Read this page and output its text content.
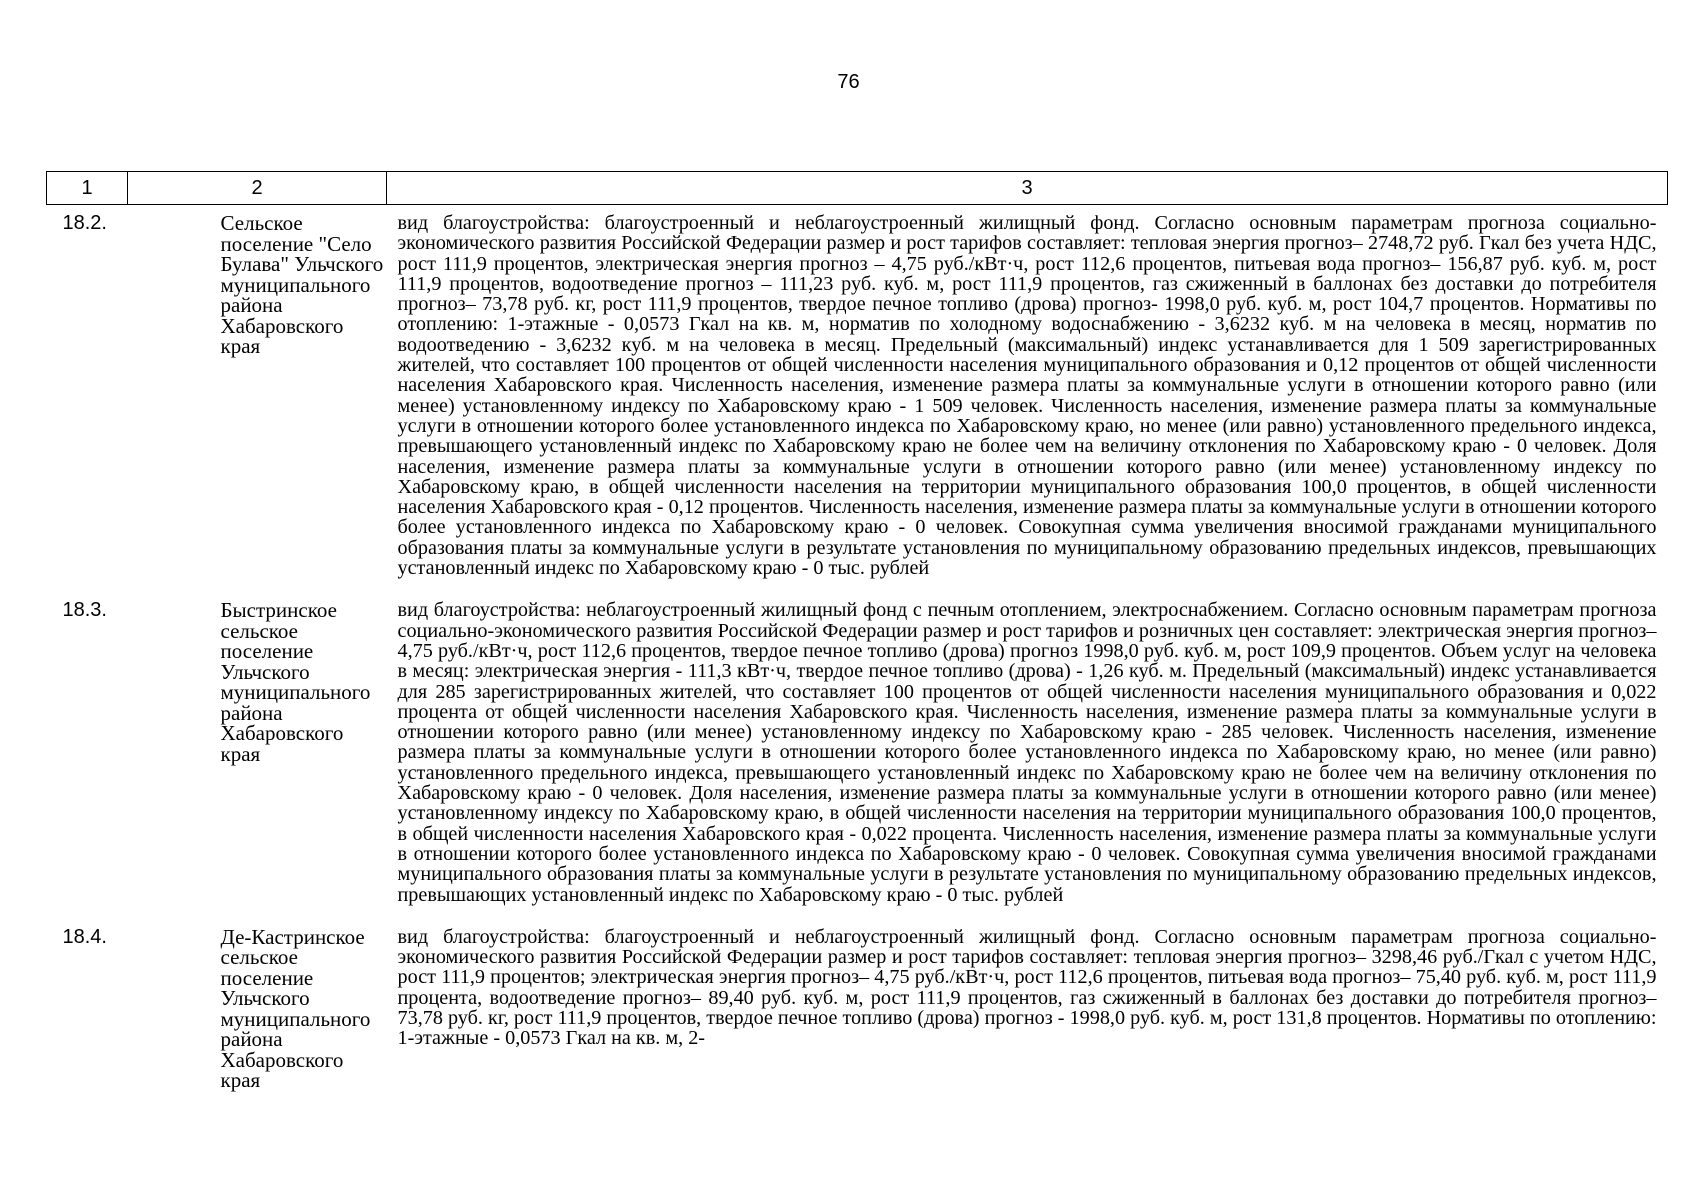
76
1	2	3
18.2.	Сельское поселение "Село Булава" Ульчского муниципального района Хабаровского края	вид благоустройства: благоустроенный и неблагоустроенный жилищный фонд. Согласно основным параметрам прогноза социально-экономического развития Российской Федерации размер и рост тарифов составляет: тепловая энергия прогноз– 2748,72 руб. Гкал без учета НДС, рост 111,9 процентов, электрическая энергия прогноз – 4,75 руб./кВт·ч, рост 112,6 процентов, питьевая вода прогноз– 156,87 руб. куб. м, рост 111,9 процентов, водоотведение прогноз – 111,23 руб. куб. м, рост 111,9 процентов, газ сжиженный в баллонах без доставки до потребителя прогноз– 73,78 руб. кг, рост 111,9 процентов, твердое печное топливо (дрова) прогноз- 1998,0 руб. куб. м, рост 104,7 процентов. Нормативы по отоплению: 1-этажные - 0,0573 Гкал на кв. м, норматив по холодному водоснабжению - 3,6232 куб. м на человека в месяц, норматив по водоотведению - 3,6232 куб. м на человека в месяц. Предельный (максимальный) индекс устанавливается для 1 509 зарегистрированных жителей, что составляет 100 процентов от общей численности населения муниципального образования и 0,12 процентов от общей численности населения Хабаровского края. Численность населения, изменение размера платы за коммунальные услуги в отношении которого равно (или менее) установленному индексу по Хабаровскому краю - 1 509 человек. Численность населения, изменение размера платы за коммунальные услуги в отношении которого более установленного индекса по Хабаровскому краю, но менее (или равно) установленного предельного индекса, превышающего установленный индекс по Хабаровскому краю не более чем на величину отклонения по Хабаровскому краю - 0 человек. Доля населения, изменение размера платы за коммунальные услуги в отношении которого равно (или менее) установленному индексу по Хабаровскому краю, в общей численности населения на территории муниципального образования 100,0 процентов, в общей численности населения Хабаровского края - 0,12 процентов. Численность населения, изменение размера платы за коммунальные услуги в отношении которого более установленного индекса по Хабаровскому краю - 0 человек. Совокупная сумма увеличения вносимой гражданами муниципального образования платы за коммунальные услуги в результате установления по муниципальному образованию предельных индексов, превышающих установленный индекс по Хабаровскому краю - 0 тыс. рублей

18.3.	Быстринское сельское поселение Ульчского муниципального района Хабаровского края	вид благоустройства: неблагоустроенный жилищный фонд с печным отоплением, электроснабжением. Согласно основным параметрам прогноза социально-экономического развития Российской Федерации размер и рост тарифов и розничных цен составляет: электрическая энергия прогноз– 4,75 руб./кВт·ч, рост 112,6 процентов, твердое печное топливо (дрова) прогноз 1998,0 руб. куб. м, рост 109,9 процентов. Объем услуг на человека в месяц: электрическая энергия - 111,3 кВт·ч, твердое печное топливо (дрова) - 1,26 куб. м. Предельный (максимальный) индекс устанавливается для 285 зарегистрированных жителей, что составляет 100 процентов от общей численности населения муниципального образования и 0,022 процента от общей численности населения Хабаровского края. Численность населения, изменение размера платы за коммунальные услуги в отношении которого равно (или менее) установленному индексу по Хабаровскому краю - 285 человек. Численность населения, изменение размера платы за коммунальные услуги в отношении которого более установленного индекса по Хабаровскому краю, но менее (или равно) установленного предельного индекса, превышающего установленный индекс по Хабаровскому краю не более чем на величину отклонения по Хабаровскому краю - 0 человек. Доля населения, изменение размера платы за коммунальные услуги в отношении которого равно (или менее) установленному индексу по Хабаровскому краю, в общей численности населения на территории муниципального образования 100,0 процентов, в общей численности населения Хабаровского края - 0,022 процента. Численность населения, изменение размера платы за коммунальные услуги в отношении которого более установленного индекса по Хабаровскому краю - 0 человек. Совокупная сумма увеличения вносимой гражданами муниципального образования платы за коммунальные услуги в результате установления по муниципальному образованию предельных индексов, превышающих установленный индекс по Хабаровскому краю - 0 тыс. рублей

18.4.	Де-Кастринское сельское поселение Ульчского муниципального района Хабаровского края	вид благоустройства: благоустроенный и неблагоустроенный жилищный фонд. Согласно основным параметрам прогноза социально-экономического развития Российской Федерации размер и рост тарифов составляет: тепловая энергия прогноз– 3298,46 руб./Гкал с учетом НДС, рост 111,9 процентов; электрическая энергия прогноз– 4,75 руб./кВт·ч, рост 112,6 процентов, питьевая вода прогноз– 75,40 руб. куб. м, рост 111,9 процента, водоотведение прогноз– 89,40 руб. куб. м, рост 111,9 процентов, газ сжиженный в баллонах без доставки до потребителя прогноз– 73,78 руб. кг, рост 111,9 процентов, твердое печное топливо (дрова) прогноз - 1998,0 руб. куб. м, рост 131,8 процентов. Нормативы по отоплению: 1-этажные - 0,0573 Гкал на кв. м, 2-
